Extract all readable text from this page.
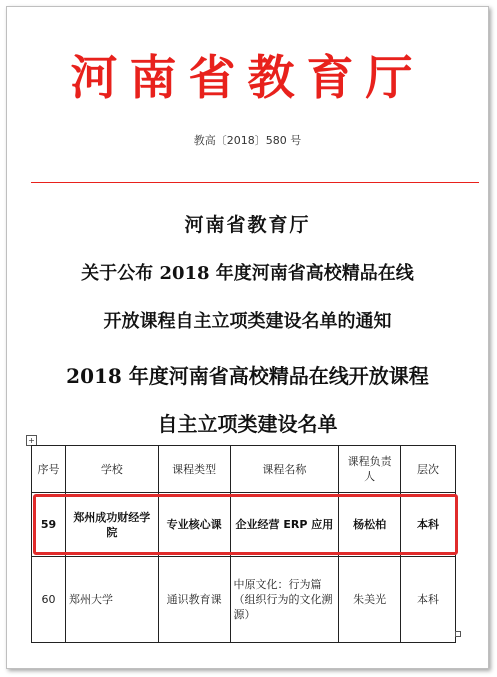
河南省教育厅
教高〔2018〕580 号
河南省教育厅
关于公布 2018 年度河南省高校精品在线
开放课程自主立项类建设名单的通知
2018 年度河南省高校精品在线开放课程
自主立项类建设名单
+
序号	学校	课程类型	课程名称	课程负责人	层次
59	郑州成功财经学院	专业核心课	企业经营 ERP 应用	杨松柏	本科
60	郑州大学	通识教育课	中原文化：行为篇（组织行为的文化溯源）	朱美光	本科
